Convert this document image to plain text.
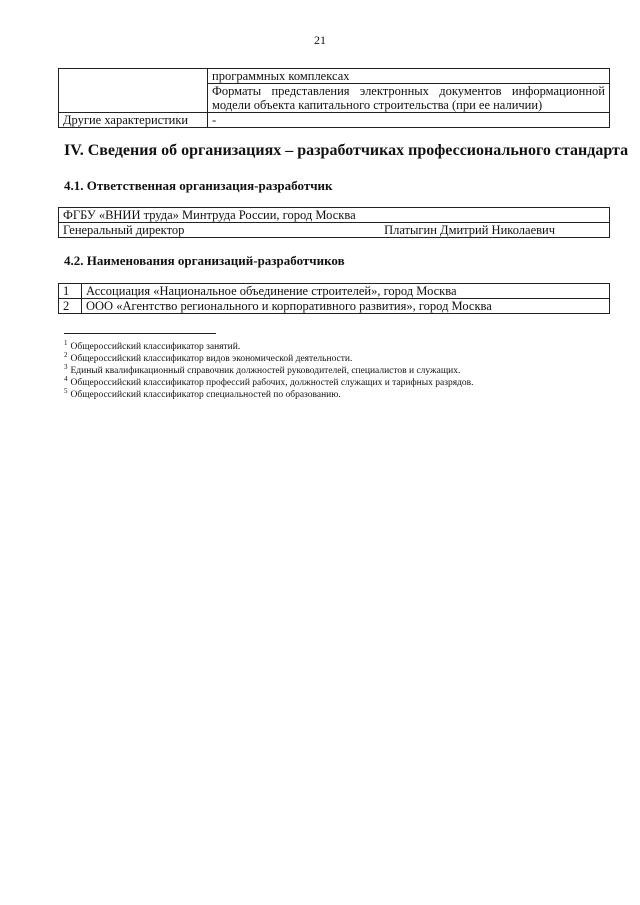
21
	программных комплексах

	Форматы представления электронных документов информационной
модели объекта капитального строительства (при ее наличии)

Другие характеристики	-
IV. Сведения об организациях – разработчиках профессионального стандарта
4.1. Ответственная организация-разработчик
ФГБУ «ВНИИ труда» Минтруда России, город Москва
Генеральный директор	Платыгин Дмитрий Николаевич
4.2. Наименования организаций-разработчиков
1	Ассоциация «Национальное объединение строителей», город Москва
2	ООО «Агентство регионального и корпоративного развития», город Москва
$^1$ Общероссийский классификатор занятий.
$^2$ Общероссийский классификатор видов экономической деятельности.
$^3$ Единый квалификационный справочник должностей руководителей, специалистов и служащих.
$^4$ Общероссийский классификатор профессий рабочих, должностей служащих и тарифных разрядов.
$^5$ Общероссийский классификатор специальностей по образованию.
